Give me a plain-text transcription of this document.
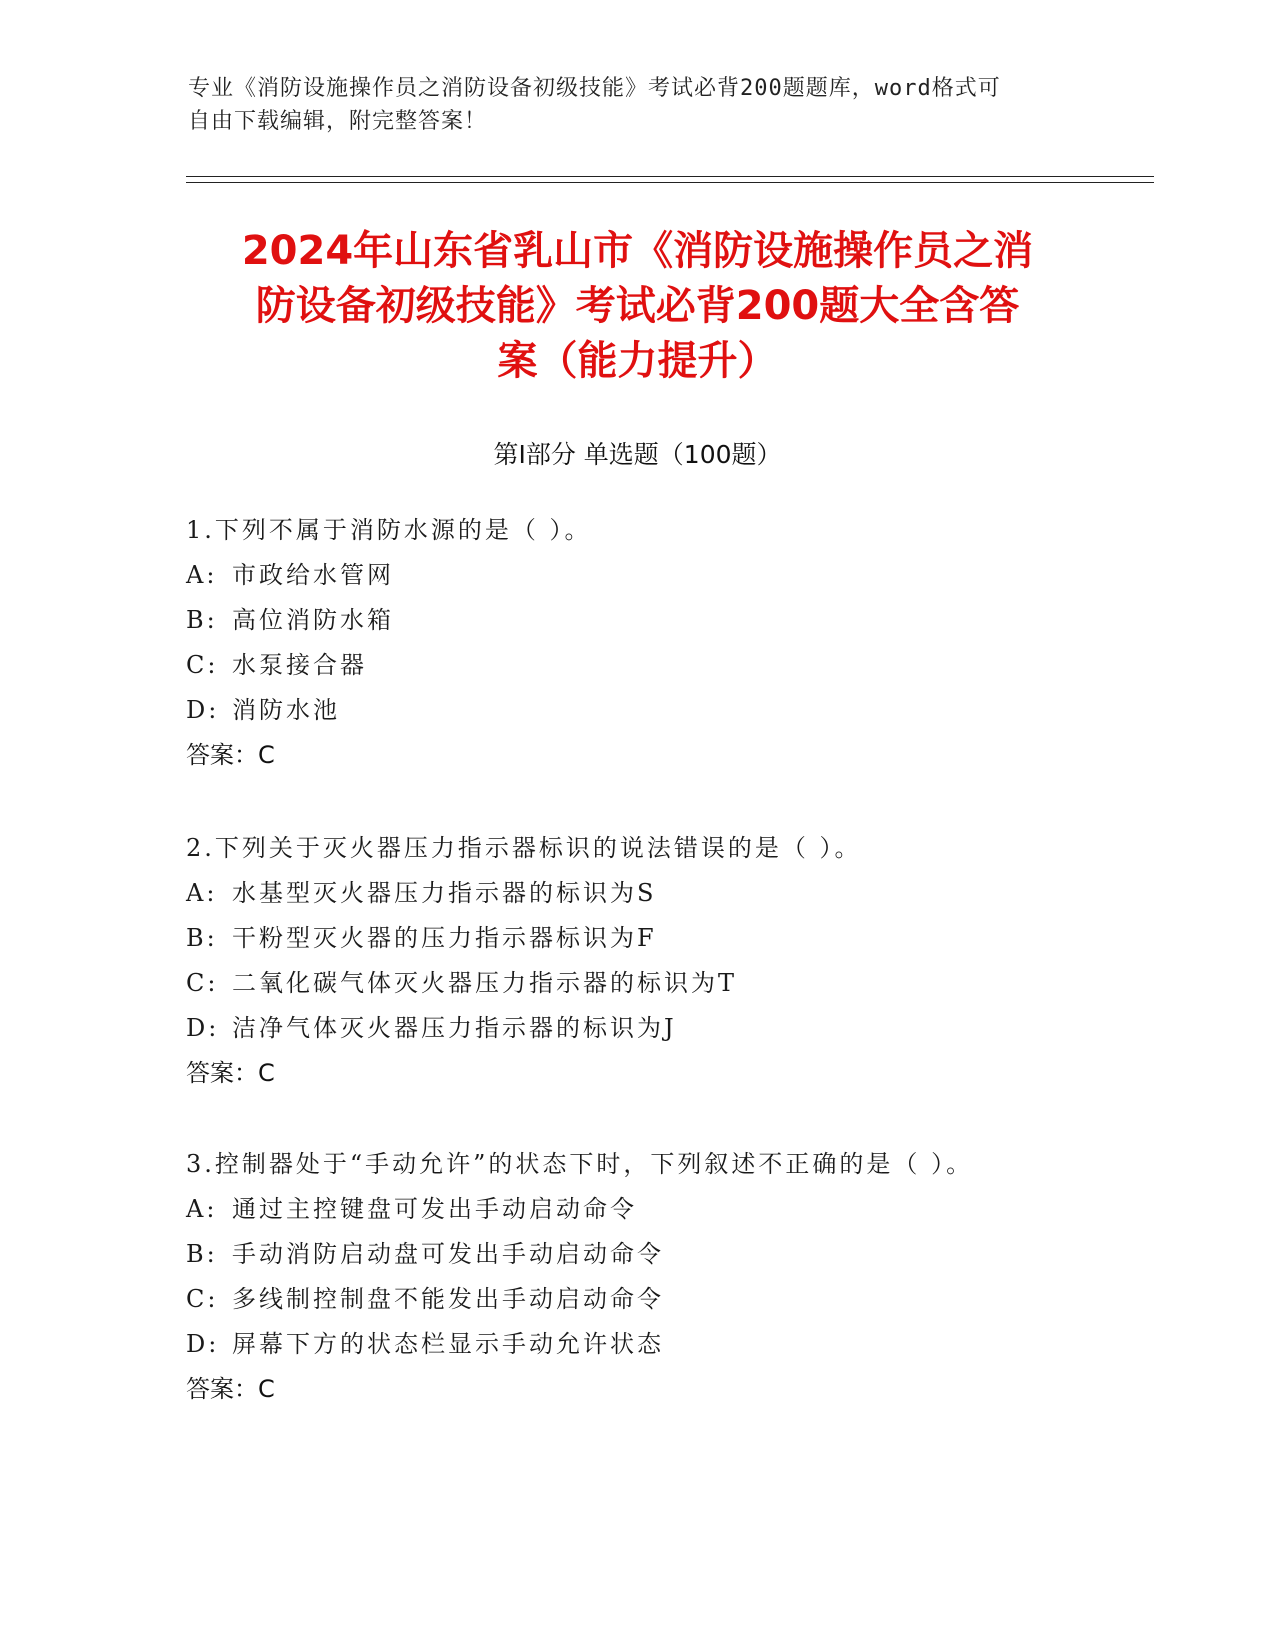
专业《消防设施操作员之消防设备初级技能》考试必背200题题库，word格式可
自由下载编辑，附完整答案！
2024年山东省乳山市《消防设施操作员之消
防设备初级技能》考试必背200题大全含答
案（能力提升）
第Ⅰ部分 单选题（100题）
1.下列不属于消防水源的是（ ）。
A: 市政给水管网
B: 高位消防水箱
C: 水泵接合器
D: 消防水池
答案：C
2.下列关于灭火器压力指示器标识的说法错误的是（ ）。
A: 水基型灭火器压力指示器的标识为S
B: 干粉型灭火器的压力指示器标识为F
C: 二氧化碳气体灭火器压力指示器的标识为T
D: 洁净气体灭火器压力指示器的标识为J
答案：C
3.控制器处于“手动允许”的状态下时，下列叙述不正确的是（ ）。
A: 通过主控键盘可发出手动启动命令
B: 手动消防启动盘可发出手动启动命令
C: 多线制控制盘不能发出手动启动命令
D: 屏幕下方的状态栏显示手动允许状态
答案：C
